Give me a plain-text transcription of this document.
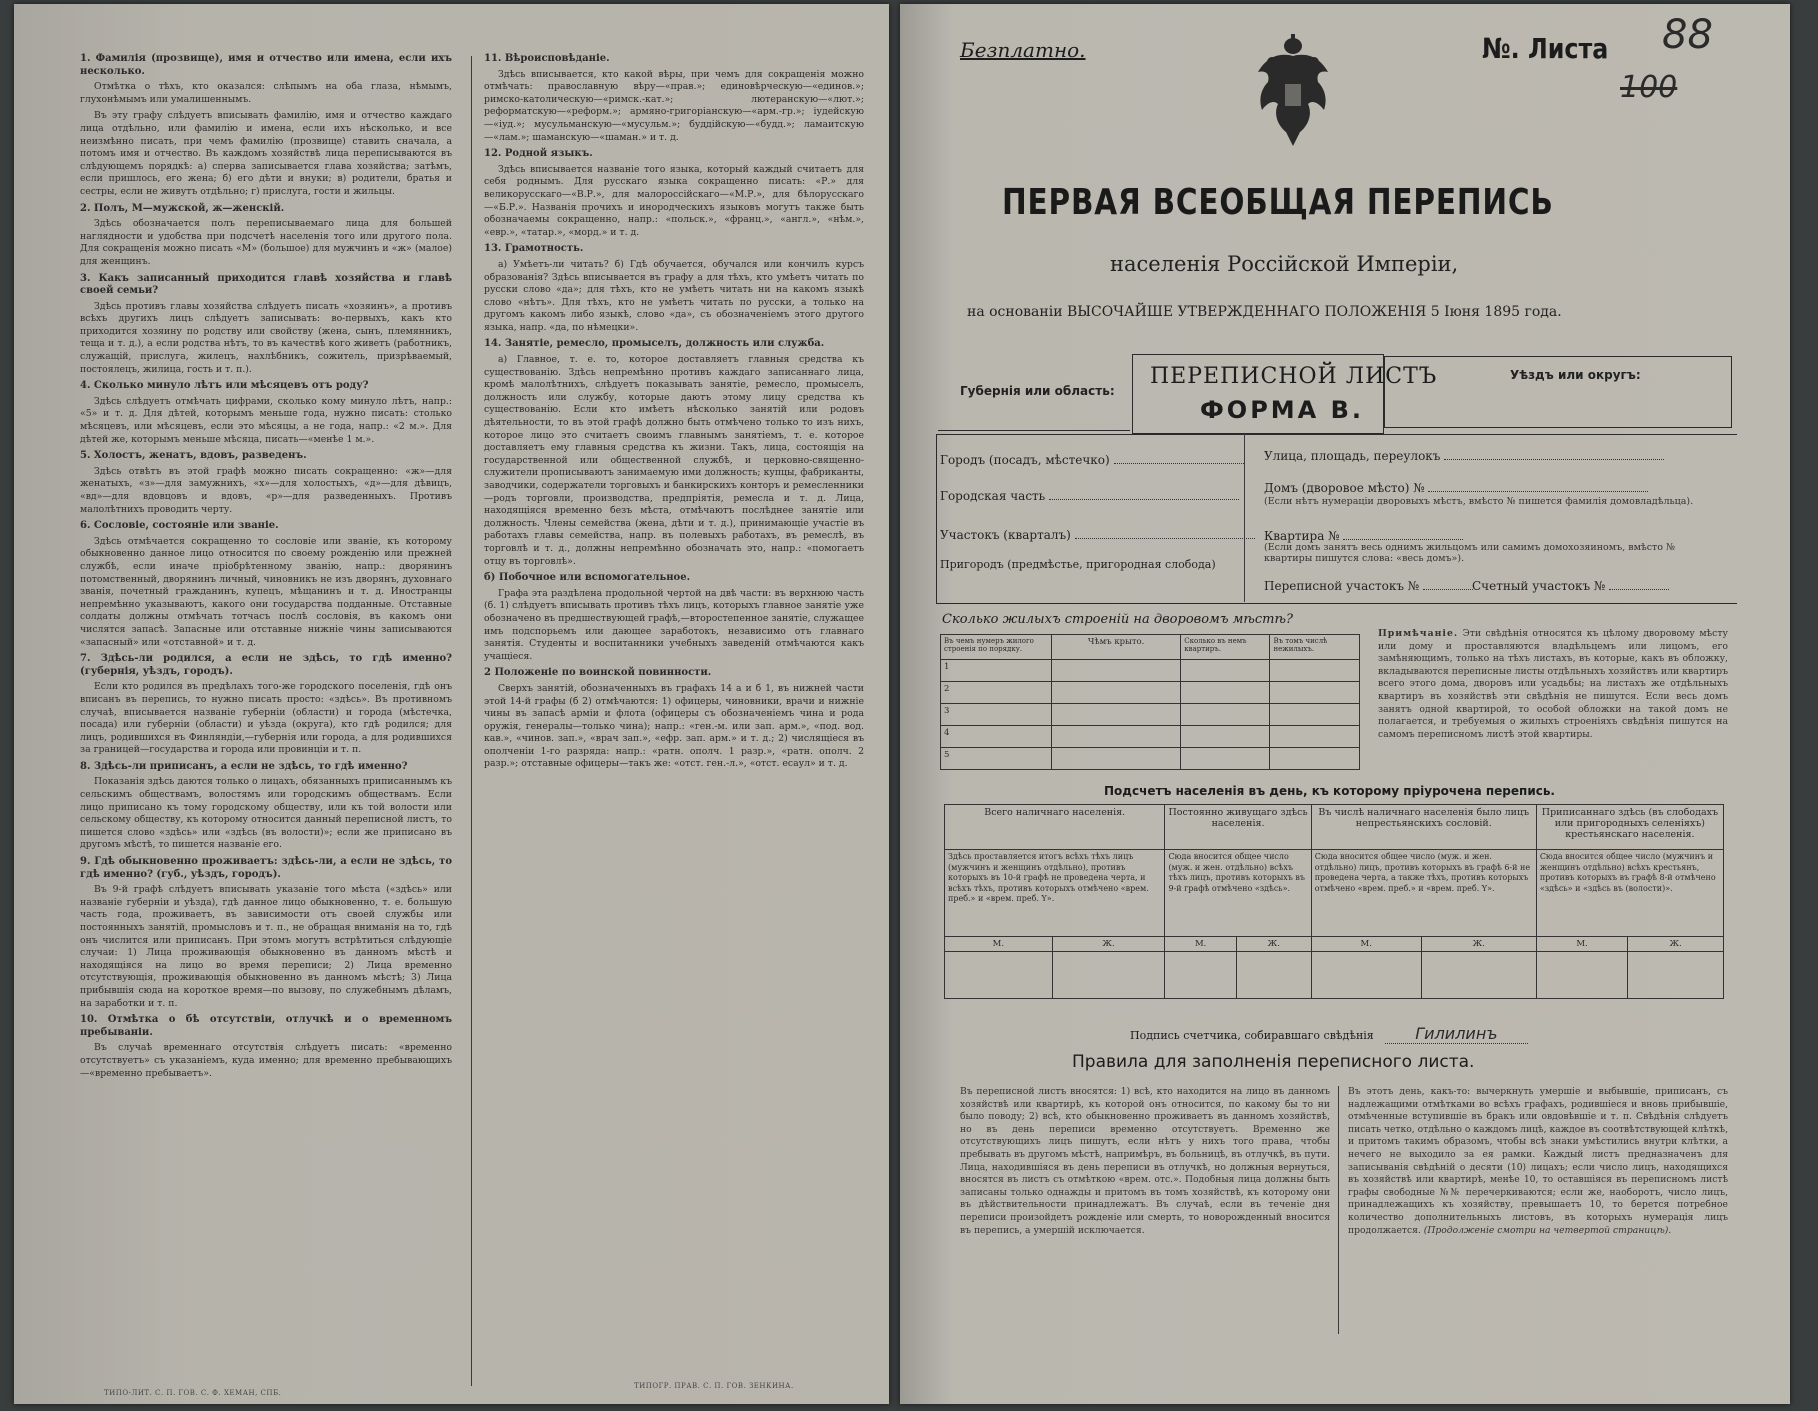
1. Фамилія (прозвище), имя и отчество или имена, если ихъ несколько.

Отмѣтка о тѣхъ, кто оказался: слѣпымъ на оба глаза, нѣмымъ, глухонѣмымъ или умалишеннымъ.

Въ эту графу слѣдуетъ вписывать фамилію, имя и отчество каждаго лица отдѣльно, или фамилію и имена, если ихъ нѣсколько, и все неизмѣнно писать, при чемъ фамилію (прозвище) ставить сначала, а потомъ имя и отчество. Въ каждомъ хозяйствѣ лица переписываются въ слѣдующемъ порядкѣ: а) сперва записывается глава хозяйства; затѣмъ, если пришлось, его жена; б) его дѣти и внуки; в) родители, братья и сестры, если не живутъ отдѣльно; г) прислуга, гости и жильцы.

2. Полъ, М—мужской, ж—женскій.

Здѣсь обозначается полъ переписываемаго лица для большей наглядности и удобства при подсчетѣ населенія того или другого пола. Для сокращенія можно писать «М» (большое) для мужчинъ и «ж» (малое) для женщинъ.

3. Какъ записанный приходится главѣ хозяйства и главѣ своей семьи?

Здѣсь противъ главы хозяйства слѣдуетъ писать «хозяинъ», а противъ всѣхъ другихъ лицъ слѣдуетъ записывать: во-первыхъ, какъ кто приходится хозяину по родству или свойству (жена, сынъ, племянникъ, теща и т. д.), а если родства нѣтъ, то въ качествѣ кого живетъ (работникъ, служащій, прислуга, жилецъ, нахлѣбникъ, сожитель, призрѣваемый, постоялецъ, жилица, гость и т. п.).

4. Сколько минуло лѣтъ или мѣсяцевъ отъ роду?

Здѣсь слѣдуетъ отмѣчать цифрами, сколько кому минуло лѣтъ, напр.: «5» и т. д. Для дѣтей, которымъ меньше года, нужно писать: столько мѣсяцевъ, или мѣсяцевъ, если это мѣсяцы, а не года, напр.: «2 м.». Для дѣтей же, которымъ меньше мѣсяца, писать—«менѣе 1 м.».

5. Холостъ, женатъ, вдовъ, разведенъ.

Здѣсь отвѣтъ въ этой графѣ можно писать сокращенно: «ж»—для женатыхъ, «з»—для замужнихъ, «х»—для холостыхъ, «д»—для дѣвицъ, «вд»—для вдовцовъ и вдовъ, «р»—для разведенныхъ. Противъ малолѣтнихъ проводить черту.

6. Сословіе, состояніе или званіе.

Здѣсь отмѣчается сокращенно то сословіе или званіе, къ которому обыкновенно данное лицо относится по своему рожденію или прежней службѣ, если иначе пріобрѣтенному званію, напр.: дворянинъ потомственный, дворянинъ личный, чиновникъ не изъ дворянъ, духовнаго званія, почетный гражданинъ, купецъ, мѣщанинъ и т. д. Иностранцы непремѣнно указываютъ, какого они государства подданные. Отставные солдаты должны отмѣчать тотчасъ послѣ сословія, въ какомъ они числятся запасѣ. Запасные или отставные нижніе чины записываются «запасный» или «отставной» и т. д.

7. Здѣсь-ли родился, а если не здѣсь, то гдѣ именно? (губернія, уѣздъ, городъ).

Если кто родился въ предѣлахъ того-же городского поселенія, гдѣ онъ вписанъ въ перепись, то нужно писать просто: «здѣсь». Въ противномъ случаѣ, вписывается названіе губерніи (области) и города (мѣстечка, посада) или губерніи (области) и уѣзда (округа), кто гдѣ родился; для лицъ, родившихся въ Финляндіи,—губернія или города, а для родившихся за границей—государства и города или провинціи и т. п.

8. Здѣсь-ли приписанъ, а если не здѣсь, то гдѣ именно?

Показанія здѣсь даются только о лицахъ, обязанныхъ приписаннымъ къ сельскимъ обществамъ, волостямъ или городскимъ обществамъ. Если лицо приписано къ тому городскому обществу, или къ той волости или сельскому обществу, къ которому относится данный переписной листъ, то пишется слово «здѣсь» или «здѣсь (въ волости)»; если же приписано въ другомъ мѣстѣ, то пишется названіе его.

9. Гдѣ обыкновенно проживаетъ: здѣсь-ли, а если не здѣсь, то гдѣ именно? (губ., уѣздъ, городъ).

Въ 9-й графѣ слѣдуетъ вписывать указаніе того мѣста («здѣсь» или названіе губерніи и уѣзда), гдѣ данное лицо обыкновенно, т. е. большую часть года, проживаетъ, въ зависимости отъ своей службы или постоянныхъ занятій, промысловъ и т. п., не обращая вниманія на то, гдѣ онъ числится или приписанъ. При этомъ могутъ встрѣтиться слѣдующіе случаи: 1) Лица проживающія обыкновенно въ данномъ мѣстѣ и находящіяся на лицо во время переписи; 2) Лица временно отсутствующія, проживающія обыкновенно въ данномъ мѣстѣ; 3) Лица прибывшія сюда на короткое время—по вызову, по служебнымъ дѣламъ, на заработки и т. п.

10. Отмѣтка о бѣ отсутствіи, отлучкѣ и о временномъ пребываніи.

Въ случаѣ временнаго отсутствія слѣдуетъ писать: «временно отсутствуетъ» съ указаніемъ, куда именно; для временно пребывающихъ—«временно пребываетъ».

11. Вѣроисповѣданіе.

Здѣсь вписывается, кто какой вѣры, при чемъ для сокращенія можно отмѣчать: православную вѣру—«прав.»; единовѣрческую—«единов.»; римско-католическую—«римск.-кат.»; лютеранскую—«лют.»; реформатскую—«реформ.»; армяно-григоріанскую—«арм.-гр.»; іудейскую—«іуд.»; мусульманскую—«мусульм.»; буддійскую—«будд.»; ламаитскую—«лам.»; шаманскую—«шаман.» и т. д.

12. Родной языкъ.

Здѣсь вписывается названіе того языка, который каждый считаетъ для себя роднымъ. Для русскаго языка сокращенно писать: «Р.» для великорусскаго—«В.Р.», для малороссійскаго—«М.Р.», для бѣлорусскаго—«Б.Р.». Названія прочихъ и инородческихъ языковъ могутъ также быть обозначаемы сокращенно, напр.: «польск.», «франц.», «англ.», «нѣм.», «евр.», «татар.», «морд.» и т. д.

13. Грамотность.

а) Умѣетъ-ли читать? б) Гдѣ обучается, обучался или кончилъ курсъ образованія? Здѣсь вписывается въ графу а для тѣхъ, кто умѣетъ читать по русски слово «да»; для тѣхъ, кто не умѣетъ читать ни на какомъ языкѣ слово «нѣтъ». Для тѣхъ, кто не умѣетъ читать по русски, а только на другомъ какомъ либо языкѣ, слово «да», съ обозначеніемъ этого другого языка, напр. «да, по нѣмецки».

14. Занятіе, ремесло, промыселъ, должность или служба.

а) Главное, т. е. то, которое доставляетъ главныя средства къ существованію. Здѣсь непремѣнно противъ каждаго записаннаго лица, кромѣ малолѣтнихъ, слѣдуетъ показывать занятіе, ремесло, промыселъ, должность или службу, которые даютъ этому лицу средства къ существованію. Если кто имѣетъ нѣсколько занятій или родовъ дѣятельности, то въ этой графѣ должно быть отмѣчено только то изъ нихъ, которое лицо это считаетъ своимъ главнымъ занятіемъ, т. е. которое доставляетъ ему главныя средства къ жизни. Такъ, лица, состоящія на государственной или общественной службѣ, и церковно-священно-служители прописываютъ занимаемую ими должность; купцы, фабриканты, заводчики, содержатели торговыхъ и банкирскихъ конторъ и ремесленники—родъ торговли, производства, предпріятія, ремесла и т. д. Лица, находящіяся временно безъ мѣста, отмѣчаютъ послѣднее занятіе или должность. Члены семейства (жена, дѣти и т. д.), принимающіе участіе въ работахъ главы семейства, напр. въ полевыхъ работахъ, въ ремеслѣ, въ торговлѣ и т. д., должны непремѣнно обозначать это, напр.: «помогаетъ отцу въ торговлѣ».

б) Побочное или вспомогательное.

Графа эта раздѣлена продольной чертой на двѣ части: въ верхнюю часть (б. 1) слѣдуетъ вписывать противъ тѣхъ лицъ, которыхъ главное занятіе уже обозначено въ предшествующей графѣ,—второстепенное занятіе, служащее имъ подспорьемъ или дающее заработокъ, независимо отъ главнаго занятія. Студенты и воспитанники учебныхъ заведеній отмѣчаются какъ учащіеся.

2 Положеніе по воинской повинности.

Сверхъ занятій, обозначенныхъ въ графахъ 14 а и б 1, въ нижней части этой 14-й графы (б 2) отмѣчаются: 1) офицеры, чиновники, врачи и нижніе чины въ запасѣ арміи и флота (офицеры съ обозначеніемъ чина и рода оружія, генералы—только чина); напр.: «ген.-м. или зап. арм.», «под. вод. кав.», «чинов. зап.», «врач зап.», «ефр. зап. арм.» и т. д.; 2) числящіеся въ ополченіи 1-го разряда: напр.: «ратн. ополч. 1 разр.», «ратн. ополч. 2 разр.»; отставные офицеры—такъ же: «отст. ген.-л.», «отст. есаул» и т. д.

ТИПО-ЛИТ. С. П. ГОВ. С. Ф. ХЕМАН, СПБ.
ТИПОГР. ПРАВ. С. П. ГОВ. ЗЕНКИНА.
Безплатно.	№. Листа 88
100
ПЕРВАЯ ВСЕОБЩАЯ ПЕРЕПИСЬ
населенія Россійской Имперіи,
на основаніи ВЫСОЧАЙШЕ УТВЕРЖДЕННАГО ПОЛОЖЕНІЯ 5 Іюня 1895 года.
Губернія или область:
ПЕРЕПИСНОЙ ЛИСТЪ
ФОРМА В.
Уѣздъ или округъ:
Городъ (посадъ, мѣстечко)
Городская часть
Участокъ (кварталъ)
Пригородъ (предмѣстье, пригородная слобода)
Улица, площадь, переулокъ
Домъ (дворовое мѣсто) №
(Если нѣтъ нумераціи дворовыхъ мѣстъ, вмѣсто № пишется фамилія домовладѣльца).
Квартира №
(Если домъ занятъ весь однимъ жильцомъ или самимъ домохозяиномъ, вмѣсто № квартиры пишутся слова: «весь домъ»).
Переписной участокъ №	Счетный участокъ №
Сколько жилыхъ строеній на дворовомъ мѣстѣ?
Въ чемъ нумеръ жилого строенія по порядку.	Чѣмъ крыто.	Сколько въ немъ квартиръ.	Въ томъ числѣ нежилыхъ.
1			
2			
3			
4			
5			
Примѣчаніе. Эти свѣдѣнія относятся къ цѣлому дворовому мѣсту или дому и проставляются владѣльцемъ или лицомъ, его замѣняющимъ, только на тѣхъ листахъ, въ которые, какъ въ обложку, вкладываются переписные листы отдѣльныхъ хозяйствъ или квартиръ всего этого дома, дворовъ или усадьбы; на листахъ же отдѣльныхъ квартиръ въ хозяйствѣ эти свѣдѣнія не пишутся. Если весь домъ занятъ одной квартирой, то особой обложки на такой домъ не полагается, и требуемыя о жилыхъ строеніяхъ свѣдѣнія пишутся на самомъ переписномъ листѣ этой квартиры.
Подсчетъ населенія въ день, къ которому пріурочена перепись.
Всего наличнаго населенія.		Постоянно живущаго здѣсь населенія.		Въ числѣ наличнаго населенія было лицъ непрестьянскихъ сословій.		Приписаннаго здѣсь (въ слободахъ или пригородныхъ селеніяхъ) крестьянскаго населенія.	
Здѣсь проставляется итогъ всѣхъ тѣхъ лицъ (мужчинъ и женщинъ отдѣльно), противъ которыхъ въ 10-й графѣ не проведена черта, и всѣхъ тѣхъ, противъ которыхъ отмѣчено «врем. преб.» и «врем. преб. Y».		Сюда вносится общее число (муж. и жен. отдѣльно) всѣхъ тѣхъ лицъ, противъ которыхъ въ 9-й графѣ отмѣчено «здѣсь».		Сюда вносится общее число (муж. и жен. отдѣльно) лицъ, противъ которыхъ въ графѣ 6-й не проведена черта, а также тѣхъ, противъ которыхъ отмѣчено «врем. преб.» и «врем. преб. Y».		Сюда вносится общее число (мужчинъ и женщинъ отдѣльно) всѣхъ крестьянъ, противъ которыхъ въ графѣ 8-й отмѣчено «здѣсь» и «здѣсь въ (волости)».	
М.	Ж.	М.	Ж.	М.	Ж.	М.	Ж.

Подпись счетчика, собиравшаго свѣдѣнія	Гилилинъ
Правила для заполненія переписного листа.
Въ переписной листъ вносятся: 1) всѣ, кто находится на лицо въ данномъ хозяйствѣ или квартирѣ, къ которой онъ относится, по какому бы то ни было поводу; 2) всѣ, кто обыкновенно проживаетъ въ данномъ хозяйствѣ, но въ день переписи временно отсутствуетъ. Временно же отсутствующихъ лицъ пишутъ, если нѣтъ у нихъ того права, чтобы пребывать въ другомъ мѣстѣ, напримѣръ, въ больницѣ, въ отлучкѣ, въ пути. Лица, находившіяся въ день переписи въ отлучкѣ, но должныя вернуться, вносятся въ листъ съ отмѣткою «врем. отс.». Подобныя лица должны быть записаны только однажды и притомъ въ томъ хозяйствѣ, къ которому они въ дѣйствительности принадлежатъ. Въ случаѣ, если въ теченіе дня переписи произойдетъ рожденіе или смерть, то новорожденный вносится въ перепись, а умершій исключается.
Въ этотъ день, какъ-то: вычеркнуть умершіе и выбывшіе, приписанъ, съ надлежащими отмѣтками во всѣхъ графахъ, родившіеся и вновь прибывшіе, отмѣченные вступившіе въ бракъ или овдовѣвшіе и т. п. Свѣдѣнія слѣдуетъ писать четко, отдѣльно о каждомъ лицѣ, каждое въ соотвѣтствующей клѣткѣ, и притомъ такимъ образомъ, чтобы всѣ знаки умѣстились внутри клѣтки, а нечего не выходило за ея рамки. Каждый листъ предназначенъ для записыванія свѣдѣній о десяти (10) лицахъ; если число лицъ, находящихся въ хозяйствѣ или квартирѣ, менѣе 10, то оставшіяся въ переписномъ листѣ графы свободные №№ перечеркиваются; если же, наоборотъ, число лицъ, принадлежащихъ къ хозяйству, превышаетъ 10, то берется потребное количество дополнительныхъ листовъ, въ которыхъ нумерація лицъ продолжается. (Продолженіе смотри на четвертой страницѣ).
